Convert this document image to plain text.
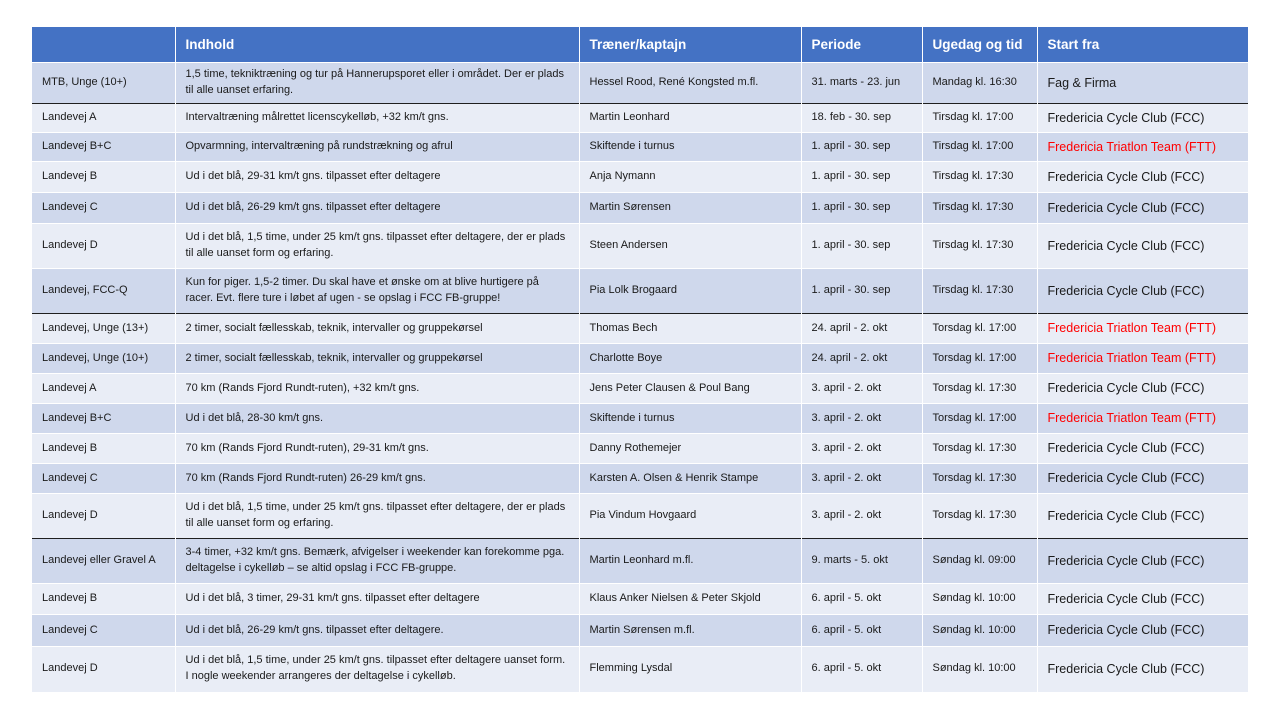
	Indhold	Træner/kaptajn	Periode	Ugedag og tid	Start fra
MTB, Unge (10+)	1,5 time, tekniktræning og tur på Hannerupsporet eller i området. Der er plads til alle uanset erfaring.	Hessel Rood, René Kongsted m.fl.	31. marts - 23. jun	Mandag kl. 16:30	Fag & Firma
Landevej A	Intervaltræning målrettet licenscykelløb, +32 km/t gns.	Martin Leonhard	18. feb - 30. sep	Tirsdag kl. 17:00	Fredericia Cycle Club (FCC)
Landevej B+C	Opvarmning, intervaltræning på rundstrækning og afrul	Skiftende i turnus	1. april - 30. sep	Tirsdag kl. 17:00	Fredericia Triatlon Team (FTT)
Landevej B	Ud i det blå, 29-31 km/t gns. tilpasset efter deltagere	Anja Nymann	1. april - 30. sep	Tirsdag kl. 17:30	Fredericia Cycle Club (FCC)
Landevej C	Ud i det blå, 26-29 km/t gns. tilpasset efter deltagere	Martin Sørensen	1. april - 30. sep	Tirsdag kl. 17:30	Fredericia Cycle Club (FCC)
Landevej D	Ud i det blå, 1,5 time, under 25 km/t gns. tilpasset efter deltagere, der er plads til alle uanset form og erfaring.	Steen Andersen	1. april - 30. sep	Tirsdag kl. 17:30	Fredericia Cycle Club (FCC)
Landevej, FCC-Q	Kun for piger. 1,5-2 timer. Du skal have et ønske om at blive hurtigere på racer. Evt. flere ture i løbet af ugen - se opslag i FCC FB-gruppe!	Pia Lolk Brogaard	1. april - 30. sep	Tirsdag kl. 17:30	Fredericia Cycle Club (FCC)
Landevej, Unge (13+)	2 timer, socialt fællesskab, teknik, intervaller og gruppekørsel	Thomas Bech	24. april - 2. okt	Torsdag kl. 17:00	Fredericia Triatlon Team (FTT)
Landevej, Unge (10+)	2 timer, socialt fællesskab, teknik, intervaller og gruppekørsel	Charlotte Boye	24. april - 2. okt	Torsdag kl. 17:00	Fredericia Triatlon Team (FTT)
Landevej A	70 km (Rands Fjord Rundt-ruten), +32 km/t gns.	Jens Peter Clausen & Poul Bang	3. april - 2. okt	Torsdag kl. 17:30	Fredericia Cycle Club (FCC)
Landevej B+C	Ud i det blå, 28-30 km/t gns.	Skiftende i turnus	3. april - 2. okt	Torsdag kl. 17:00	Fredericia Triatlon Team (FTT)
Landevej B	70 km (Rands Fjord Rundt-ruten), 29-31 km/t gns.	Danny Rothemejer	3. april - 2. okt	Torsdag kl. 17:30	Fredericia Cycle Club (FCC)
Landevej C	70 km (Rands Fjord Rundt-ruten) 26-29 km/t gns.	Karsten A. Olsen & Henrik Stampe	3. april - 2. okt	Torsdag kl. 17:30	Fredericia Cycle Club (FCC)
Landevej D	Ud i det blå, 1,5 time, under 25 km/t gns. tilpasset efter deltagere, der er plads til alle uanset form og erfaring.	Pia Vindum Hovgaard	3. april - 2. okt	Torsdag kl. 17:30	Fredericia Cycle Club (FCC)
Landevej eller Gravel A	3-4 timer, +32 km/t gns. Bemærk, afvigelser i weekender kan forekomme pga. deltagelse i cykelløb – se altid opslag i FCC FB-gruppe.	Martin Leonhard m.fl.	9. marts - 5. okt	Søndag kl. 09:00	Fredericia Cycle Club (FCC)
Landevej B	Ud i det blå, 3 timer, 29-31 km/t gns. tilpasset efter deltagere	Klaus Anker Nielsen & Peter Skjold	6. april - 5. okt	Søndag kl. 10:00	Fredericia Cycle Club (FCC)
Landevej C	Ud i det blå, 26-29 km/t gns. tilpasset efter deltagere.	Martin Sørensen m.fl.	6. april - 5. okt	Søndag kl. 10:00	Fredericia Cycle Club (FCC)
Landevej D	Ud i det blå, 1,5 time, under 25 km/t gns. tilpasset efter deltagere uanset form. I nogle weekender arrangeres der deltagelse i cykelløb.	Flemming Lysdal	6. april - 5. okt	Søndag kl. 10:00	Fredericia Cycle Club (FCC)
